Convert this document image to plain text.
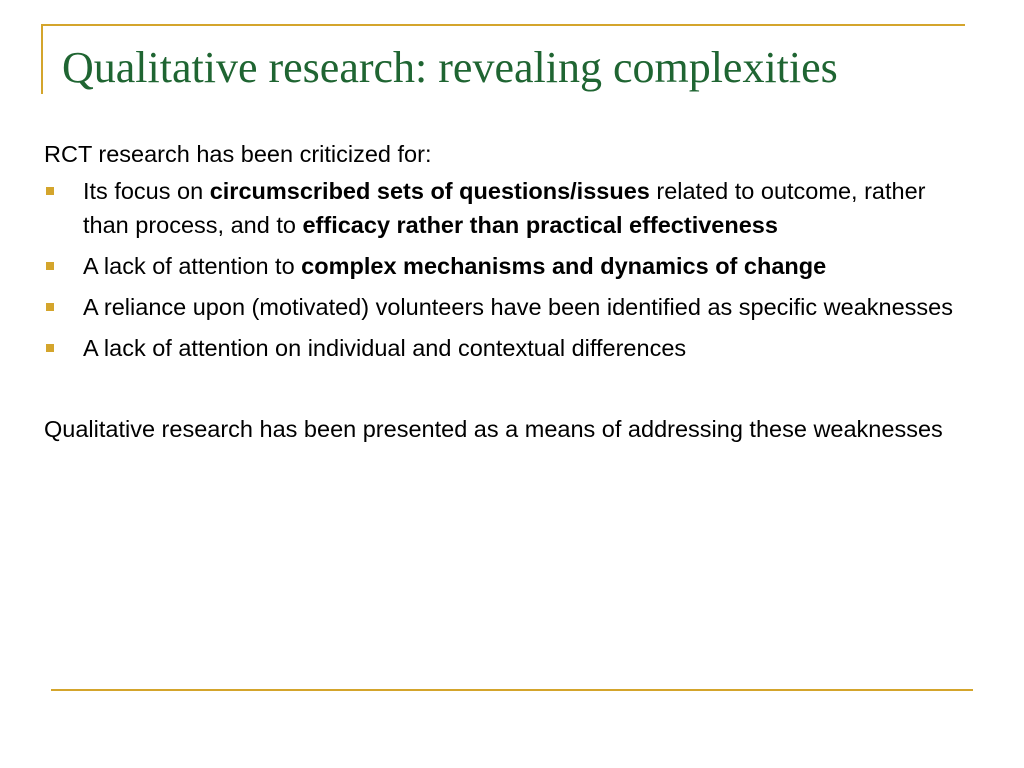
Qualitative research: revealing complexities

RCT research has been criticized for:

Its focus on circumscribed sets of questions/issues related to outcome, rather than process, and to efficacy rather than practical effectiveness
A lack of attention to complex mechanisms and dynamics of change
A reliance upon (motivated) volunteers have been identified as specific weaknesses
A lack of attention on individual and contextual differences

Qualitative research has been presented as a means of addressing these weaknesses
